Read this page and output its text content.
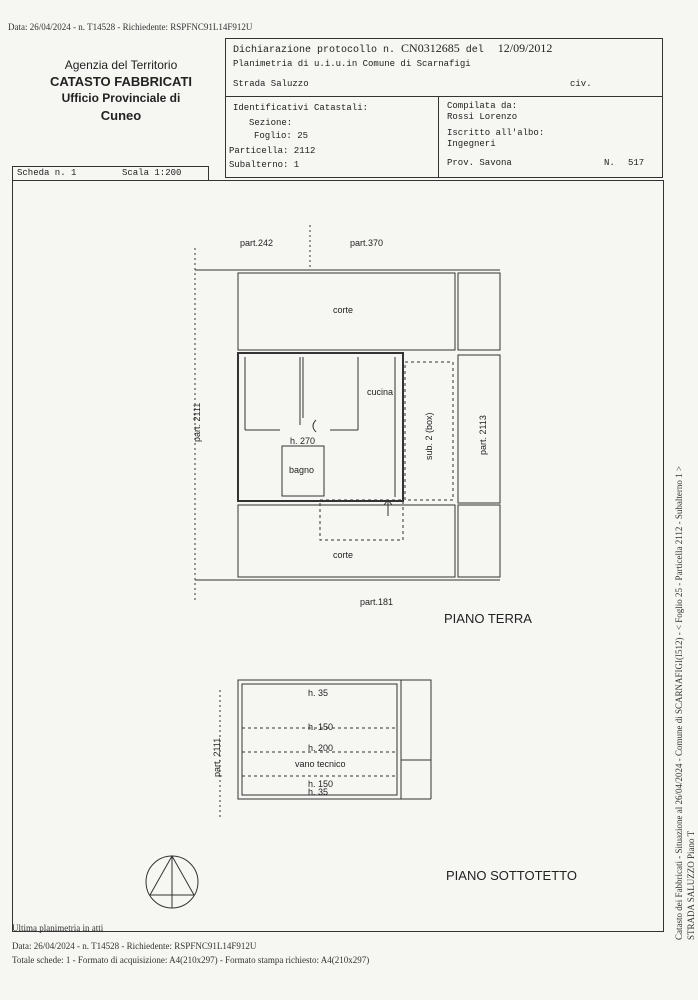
Data: 26/04/2024 - n. T14528 - Richiedente: RSPFNC91L14F912U
Agenzia del Territorio
CATASTO FABBRICATI
Ufficio Provinciale di
Cuneo
Dichiarazione protocollo n. CN0312685 del 12/09/2012
Planimetria di u.i.u.in Comune di Scarnafigi
Strada Saluzzo	civ.
Identificativi Catastali:
Sezione:
Foglio: 25
Particella: 2112
Subalterno: 1
Compilata da:
Rossi Lorenzo
Iscritto all'albo:
Ingegneri
Prov. Savona	N. 517
Scheda n. 1	Scala 1:200
part.242	part.370
corte
cucina
h. 270
bagno
sub. 2 (box)	part. 2113
part. 2111
corte
part.181
PIANO TERRA
h. 35
h. 150
h. 200
vano tecnico
h. 150
h. 35
part. 2111
PIANO SOTTOTETTO	Catasto dei Fabbricati - Situazione al 26/04/2024 - Comune di SCARNAFIGI(I512) - < Foglio 25 - Particella 2112 - Subalterno 1 > STRADA SALUZZO Piano T
Ultima planimetria in atti
Data: 26/04/2024 - n. T14528 - Richiedente: RSPFNC91L14F912U
Totale schede: 1 - Formato di acquisizione: A4(210x297) - Formato stampa richiesto: A4(210x297)
